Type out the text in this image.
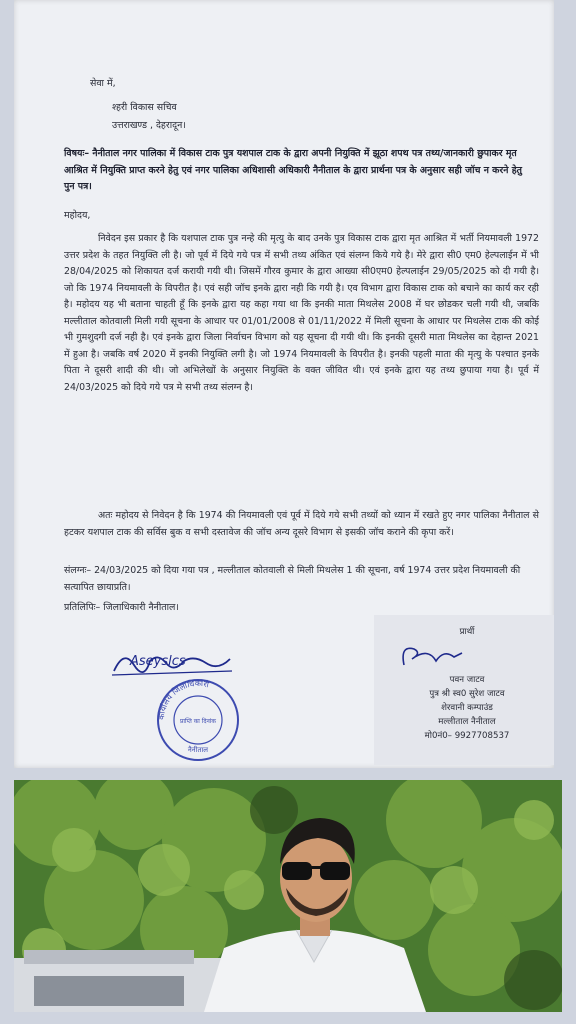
सेवा में,
श्‍हरी विकास सचिव
उत्तराखण्ड , देहरादून।
विषयः– नैनीताल नगर पालिका में विकास टाक पुत्र यशपाल टाक के द्वारा अपनी नियुक्ति में झूठा शपथ पत्र तथ्य/जानकारी छुपाकर मृत आश्रित में नियुक्ति प्राप्त करने हेतु एवं नगर पालिका अधिशासी अधिकारी नैनीताल के द्वारा प्रार्थना पत्र के अनुसार सही जॉच न करने हेतु पुन पत्र।
महोदय,

निवेदन इस प्रकार है कि यशपाल टाक पुत्र नन्हे की मृत्यु के बाद उनके पुत्र विकास टाक द्वारा मृत आश्रित में भर्ती नियमावली 1972 उत्तर प्रदेश के तहत नियुक्ति ली है। जो पूर्व में दिये गये पत्र में सभी तथ्य अंकित एवं संलग्न किये गये है। मेरे द्वारा सी0 एम0 हेल्पलाईन में भी 28/04/2025 को शिकायत दर्ज करायी गयी थी। जिसमें गौरव कुमार के द्वारा आख्या सी0एम0 हेल्पलाईन 29/05/2025 को दी गयी है। जो कि 1974 नियमावली के विपरीत है। एवं सही जॉच इनके द्वारा नही कि गयी है। एव विभाग द्वारा विकास टाक को बचाने का कार्य कर रही है। महोदय यह भी बताना चाहती हूँ कि इनके द्वारा यह कहा गया था कि इनकी माता मिथलेस 2008 में घर छोडकर चली गयी थी, जबकि मल्लीताल कोतवाली मिली गयी सूचना के आधार पर 01/01/2008 से 01/11/2022 में मिली सूचना के आधार पर मिथलेस टाक की कोई भी गुमशुदगी दर्ज नही है। एवं इनके द्वारा जिला निर्वाचन विभाग को यह सूचना दी गयी थी। कि इनकी दूसरी माता मिथलेस का देहान्त 2021 में हुआ है। जबकि वर्ष 2020 में इनकी नियुक्ति लगी है। जो 1974 नियमावली के विपरीत है। इनकी पहली माता की मृत्यु के पश्चात इनके पिता ने दूसरी शादी की थी। जो अभिलेखों के अनुसार नियुक्ति के वक्त जीवित थी। एवं इनके द्वारा यह तथ्य छुपाया गया है। पूर्व में 24/03/2025 को दिये गये पत्र मे सभी तथ्य संलग्न है।

अतः महोदय से निवेदन है कि 1974 की नियमावली एवं पूर्व में दिये गये सभी तथ्यों को ध्यान में रखते हुए नगर पालिका नैनीताल से हटकर यशपाल टाक की सर्विस बुक व सभी दस्तावेज की जॉच अन्य दूसरे विभाग से इसकी जॉच कराने की कृपा करें।

संलग्नः– 24/03/2025 को दिया गया पत्र , मल्लीताल कोतवाली से मिली मिथलेस 1 की सूचना, वर्ष 1974 उत्तर प्रदेश नियमावली की सत्यापित छायाप्रति।
प्रतिलिपिः– जिलाधिकारी नैनीताल।
Aseyslcs
कार्यालय जिलाधिकारी
प्राप्ति का दिनांक
नैनीताल
प्रार्थी
पवन जाटव
पुत्र श्री स्व0 सुरेश जाटव
शेरवानी कम्पाउंड
मल्लीताल नैनीताल
मो0नं0– 9927708537
